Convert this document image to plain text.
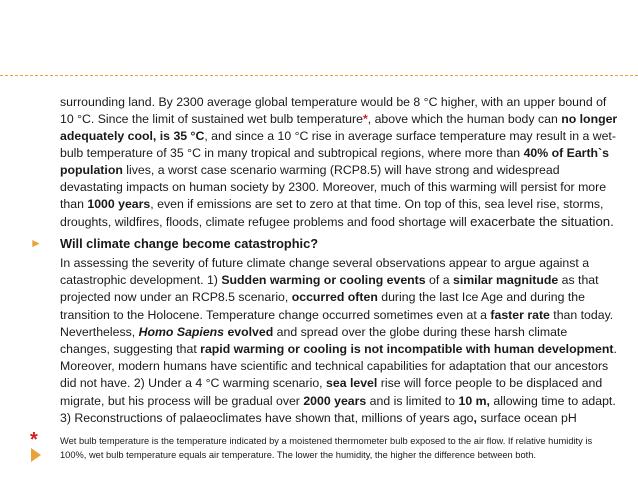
surrounding land. By 2300 average global temperature would be 8 °C higher, with an upper bound of 10 °C. Since the limit of sustained wet bulb temperature*, above which the human body can no longer adequately cool, is 35 °C, and since a 10 °C rise in average surface temperature may result in a wet-bulb temperature of 35 °C in many tropical and subtropical regions, where more than 40% of Earth`s population lives, a worst case scenario warming (RCP8.5) will have strong and widespread devastating impacts on human society by 2300. Moreover, much of this warming will persist for more than 1000 years, even if emissions are set to zero at that time. On top of this, sea level rise, storms, droughts, wildfires, floods, climate refugee problems and food shortage will exacerbate the situation.

►	Will climate change become catastrophic?

In assessing the severity of future climate change several observations appear to argue against a catastrophic development. 1) Sudden warming or cooling events of a similar magnitude as that projected now under an RCP8.5 scenario, occurred often during the last Ice Age and during the transition to the Holocene. Temperature change occurred sometimes even at a faster rate than today. Nevertheless, Homo Sapiens evolved and spread over the globe during these harsh climate changes, suggesting that rapid warming or cooling is not incompatible with human development. Moreover, modern humans have scientific and technical capabilities for adaptation that our ancestors did not have. 2) Under a 4 °C warming scenario, sea level rise will force people to be displaced and migrate, but his process will be gradual over 2000 years and is limited to 10 m, allowing time to adapt. 3) Reconstructions of palaeoclimates have shown that, millions of years ago, surface ocean pH

* Wet bulb temperature is the temperature indicated by a moistened thermometer bulb exposed to the air flow. If relative humidity is 100%, wet bulb temperature equals air temperature. The lower the humidity, the higher the difference between both.
